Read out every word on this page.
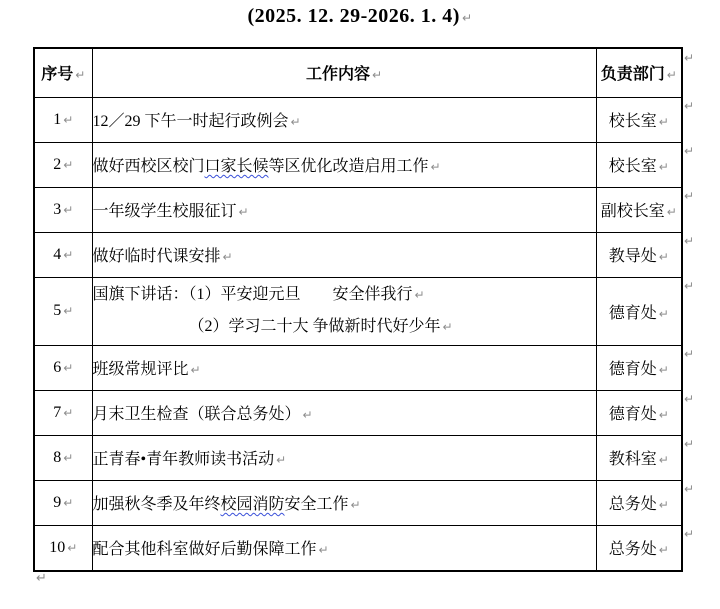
(2025. 12. 29-2026. 1. 4) ↵
序号 ↵	工作内容 ↵	负责部门 ↵
1 ↵	12／29 下午一时起行政例会 ↵	校长室 ↵
2 ↵	做好西校区校门口家长候等区优化改造启用工作 ↵	校长室 ↵
3 ↵	一年级学生校服征订 ↵	副校长室 ↵
4 ↵	做好临时代课安排 ↵	教导处 ↵
5 ↵	国旗下讲话：（1）平安迎元旦　　安全伴我行 ↵
（2）学习二十大 争做新时代好少年 ↵	德育处 ↵
6 ↵	班级常规评比 ↵	德育处 ↵
7 ↵	月末卫生检查（联合总务处） ↵	德育处 ↵
8 ↵	正青春•青年教师读书活动 ↵	教科室 ↵
9 ↵	加强秋冬季及年终校园消防安全工作 ↵	总务处 ↵
10 ↵	配合其他科室做好后勤保障工作 ↵	总务处 ↵
↵
↵
↵
↵
↵
↵
↵
↵
↵
↵
↵
↵
